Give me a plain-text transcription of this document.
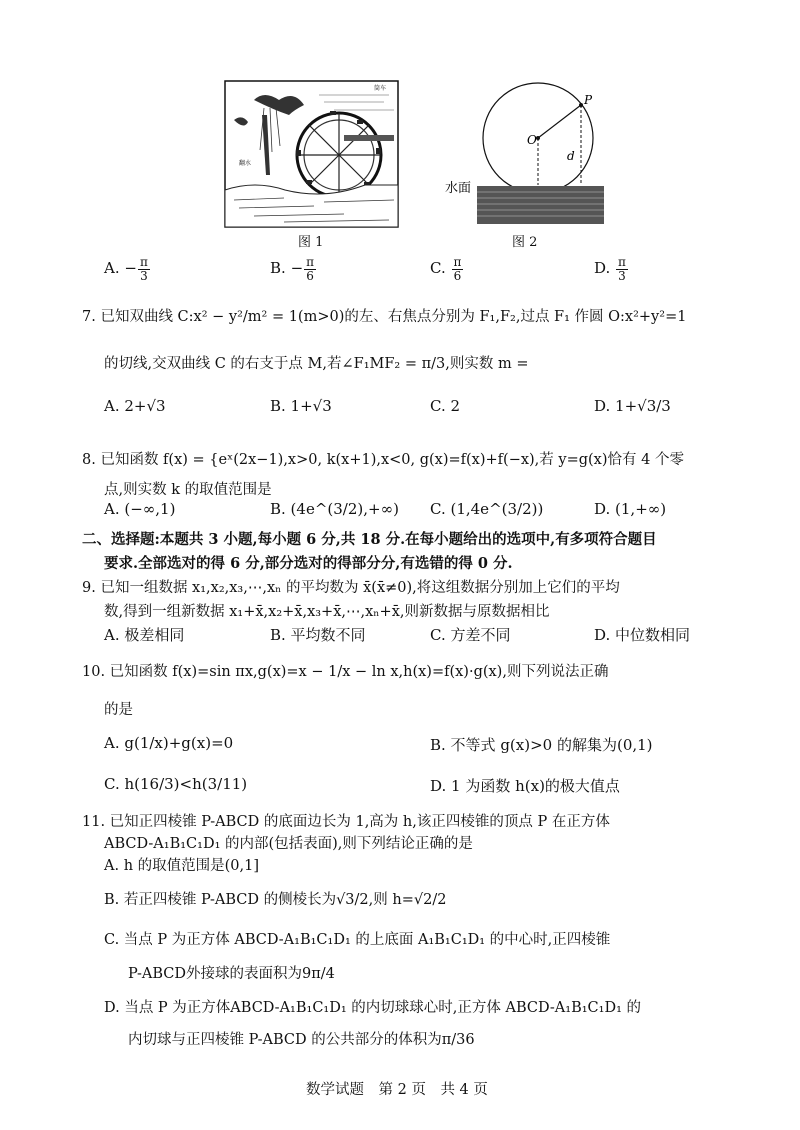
翻水
筒车
图 1
O
P
d
水面
图 2
A. − $\frac{\pi}{3}$	B. − $\frac{\pi}{6}$	C. $\frac{\pi}{6}$	D. $\frac{\pi}{3}$
7. 已知双曲线 C:x² − y²/m² = 1(m>0)的左、右焦点分别为 F₁,F₂,过点 F₁ 作圆 O:x²+y²=1
的切线,交双曲线 C 的右支于点 M,若∠F₁MF₂ = π/3,则实数 m =
A. 2+√3	B. 1+√3	C. 2	D. 1+√3/3
8. 已知函数 f(x) = {eˣ(2x−1),x>0, k(x+1),x<0, g(x)=f(x)+f(−x),若 y=g(x)恰有 4 个零
点,则实数 k 的取值范围是
A. (−∞,1)	B. (4e^(3/2),+∞) C. (1,4e^(3/2))	D. (1,+∞)
二、选择题:本题共 3 小题,每小题 6 分,共 18 分.在每小题给出的选项中,有多项符合题目
要求.全部选对的得 6 分,部分选对的得部分分,有选错的得 0 分.
9. 已知一组数据 x₁,x₂,x₃,⋯,xₙ 的平均数为 x̄(x̄≠0),将这组数据分别加上它们的平均
数,得到一组新数据 x₁+x̄,x₂+x̄,x₃+x̄,⋯,xₙ+x̄,则新数据与原数据相比
A. 极差相同	B. 平均数不同	C. 方差不同	D. 中位数相同
10. 已知函数 f(x)=sin πx,g(x)=x − 1/x − ln x,h(x)=f(x)·g(x),则下列说法正确
的是
A. g(1/x)+g(x)=0	B. 不等式 g(x)>0 的解集为(0,1)
C. h(16/3)<h(3/11)	D. 1 为函数 h(x)的极大值点
11. 已知正四棱锥 P-ABCD 的底面边长为 1,高为 h,该正四棱锥的顶点 P 在正方体
ABCD-A₁B₁C₁D₁ 的内部(包括表面),则下列结论正确的是
A. h 的取值范围是(0,1]
B. 若正四棱锥 P-ABCD 的侧棱长为√3/2,则 h=√2/2
C. 当点 P 为正方体 ABCD-A₁B₁C₁D₁ 的上底面 A₁B₁C₁D₁ 的中心时,正四棱锥
P-ABCD外接球的表面积为9π/4
D. 当点 P 为正方体ABCD-A₁B₁C₁D₁ 的内切球球心时,正方体 ABCD-A₁B₁C₁D₁ 的
内切球与正四棱锥 P-ABCD 的公共部分的体积为π/36
数学试题　第 2 页　共 4 页
